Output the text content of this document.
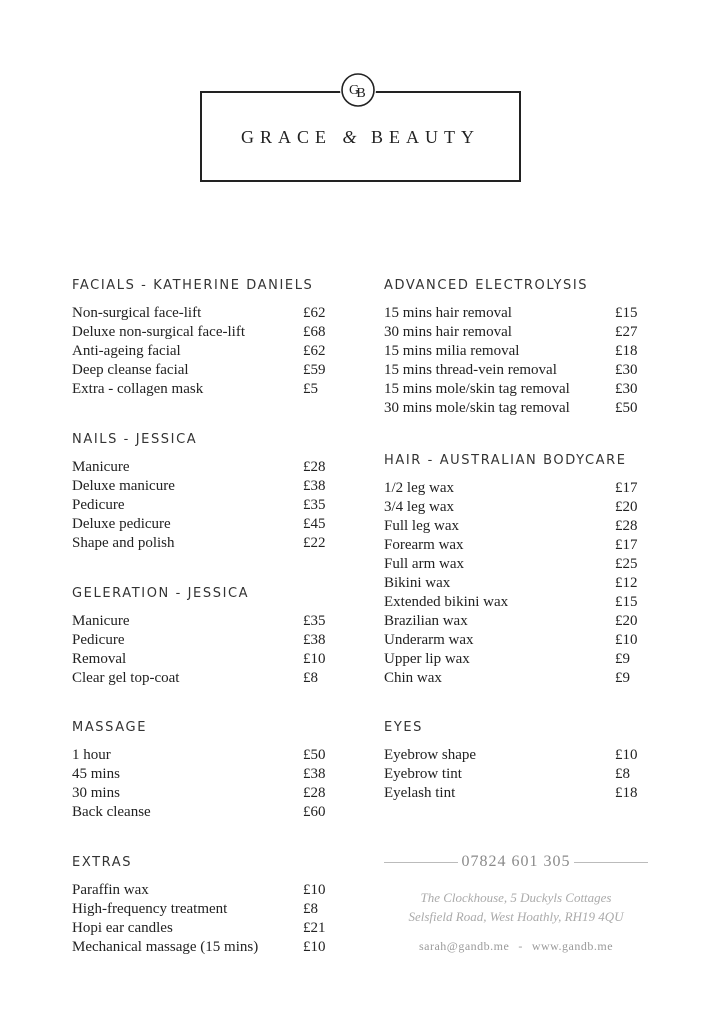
G
B
GRACE & BEAUTY
FACIALS - KATHERINE DANIELS
Non-surgical face-lift	£62
Deluxe non-surgical face-lift	£68
Anti-ageing facial	£62
Deep cleanse facial	£59
Extra - collagen mask	£5
NAILS - JESSICA
Manicure	£28
Deluxe manicure	£38
Pedicure	£35
Deluxe pedicure	£45
Shape and polish	£22
GELERATION - JESSICA
Manicure	£35
Pedicure	£38
Removal	£10
Clear gel top-coat	£8
MASSAGE
1 hour	£50
45 mins	£38
30 mins	£28
Back cleanse	£60
EXTRAS
Paraffin wax	£10
High-frequency treatment	£8
Hopi ear candles	£21
Mechanical massage (15 mins)	£10
ADVANCED ELECTROLYSIS
15 mins hair removal	£15
30 mins hair removal	£27
15 mins milia removal	£18
15 mins thread-vein removal	£30
15 mins mole/skin tag removal	£30
30 mins mole/skin tag removal	£50
HAIR - AUSTRALIAN BODYCARE
1/2 leg wax	£17
3/4 leg wax	£20
Full leg wax	£28
Forearm wax	£17
Full arm wax	£25
Bikini wax	£12
Extended bikini wax	£15
Brazilian wax	£20
Underarm wax	£10
Upper lip wax	£9
Chin wax	£9
EYES
Eyebrow shape	£10
Eyebrow tint	£8
Eyelash tint	£18
07824 601 305
The Clockhouse, 5 Duckyls Cottages
Selsfield Road, West Hoathly, RH19 4QU
sarah@gandb.me - www.gandb.me
